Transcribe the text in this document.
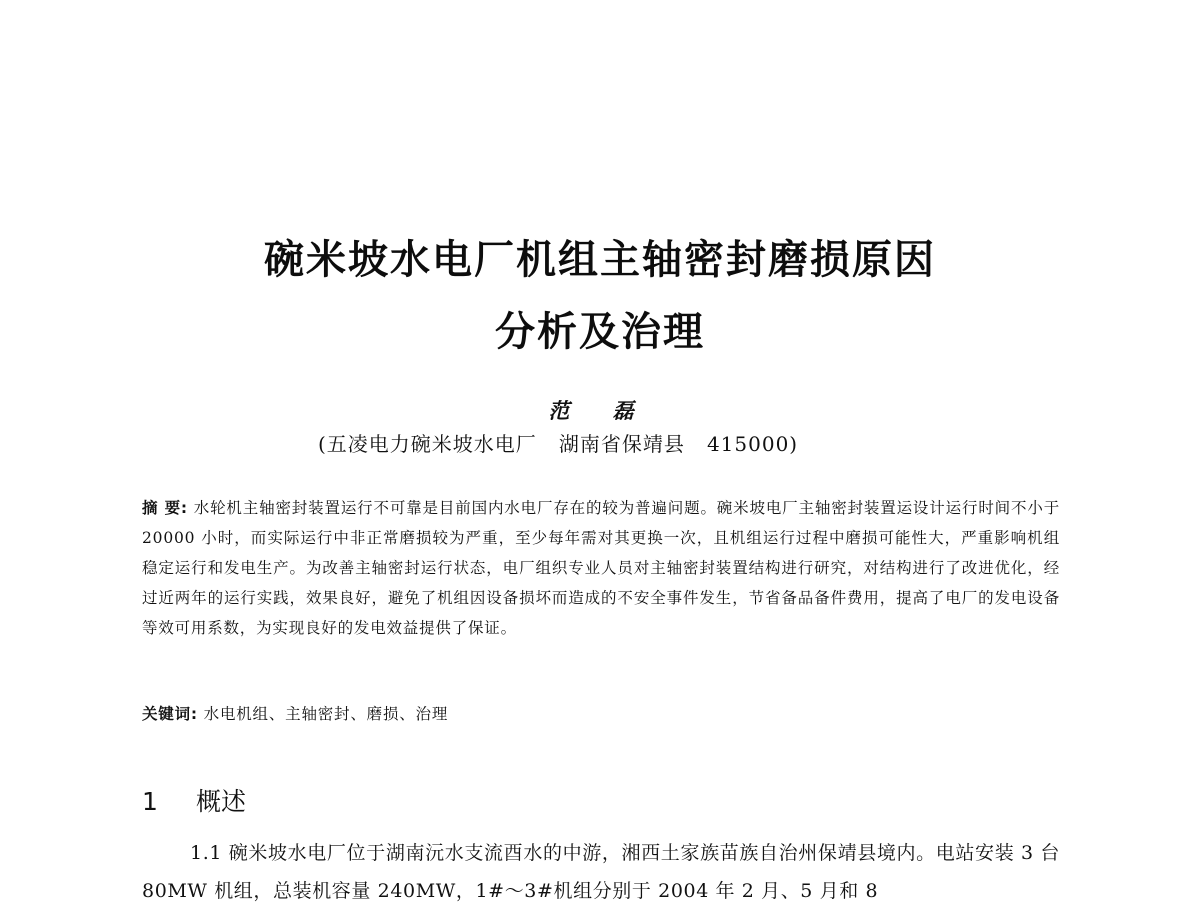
碗米坡水电厂机组主轴密封磨损原因
分析及治理
范 磊
(五凌电力碗米坡水电厂   湖南省保靖县   415000)
摘 要: 水轮机主轴密封装置运行不可靠是目前国内水电厂存在的较为普遍问题。碗米坡电厂主轴密封装置运设计运行时间不小于 20000 小时，而实际运行中非正常磨损较为严重，至少每年需对其更换一次，且机组运行过程中磨损可能性大，严重影响机组稳定运行和发电生产。为改善主轴密封运行状态，电厂组织专业人员对主轴密封装置结构进行研究，对结构进行了改进优化，经过近两年的运行实践，效果良好，避免了机组因设备损坏而造成的不安全事件发生，节省备品备件费用，提高了电厂的发电设备等效可用系数，为实现良好的发电效益提供了保证。
关键词: 水电机组、主轴密封、磨损、治理
1 概述
1.1 碗米坡水电厂位于湖南沅水支流酉水的中游，湘西土家族苗族自治州保靖县境内。电站安装 3 台 80MW 机组，总装机容量 240MW，1#～3#机组分别于 2004 年 2 月、5 月和 8
